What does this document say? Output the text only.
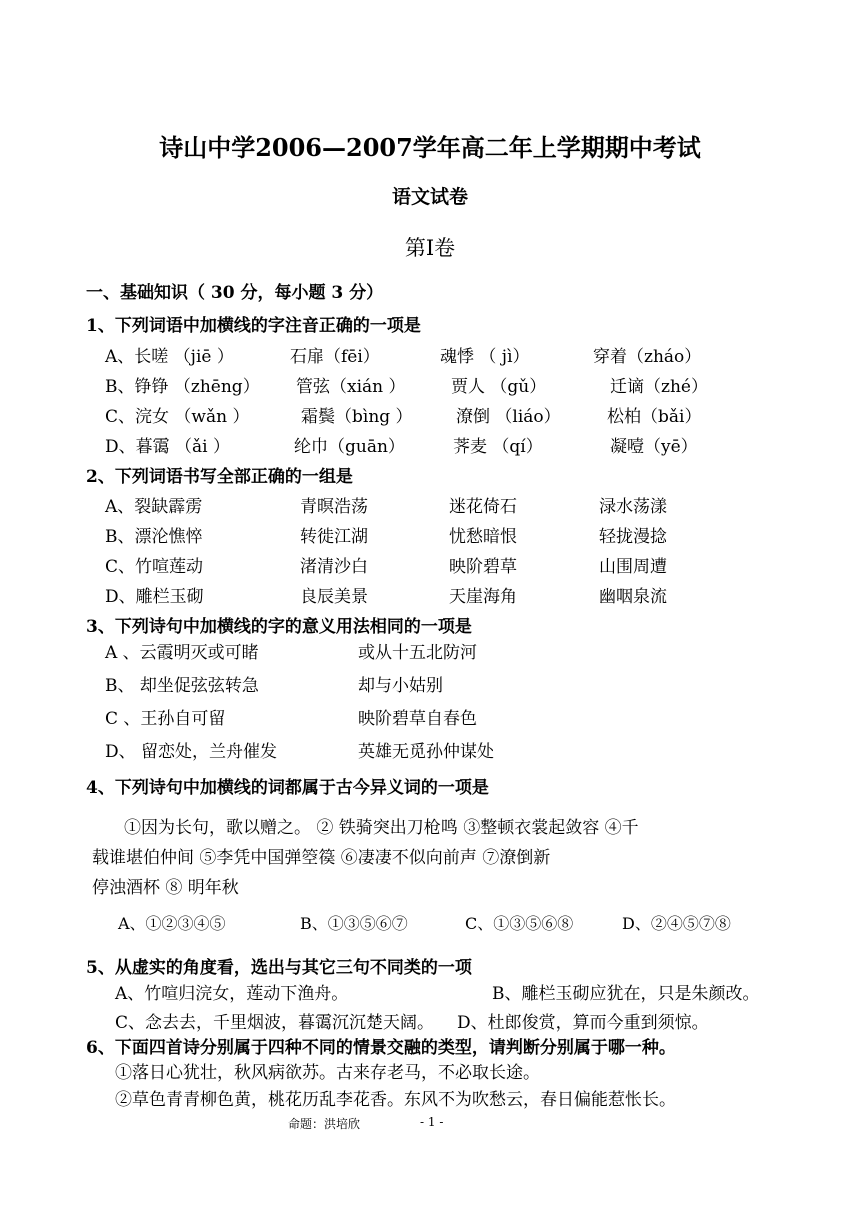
诗山中学2006—2007学年高二年上学期期中考试
语文试卷
第Ⅰ卷
一、基础知识（ 30 分，每小题 3 分）
1、下列词语中加横线的字注音正确的一项是
A、长嗟 （jiē ）	石扉（fēi）	魂悸 （ jì）	穿着（zháo）
B、铮铮 （zhēng） 管弦（xián ）	贾人 （gǔ）	迁谪（zhé）
C、浣女 （wǎn ）	霜鬓（bìng ）	潦倒 （liáo）	松柏（bǎi）
D、暮霭 （ǎi ）	纶巾（guān）	荠麦 （qí）	凝噎（yē）
2、下列词语书写全部正确的一组是
A、裂缺霹雳	青暝浩荡	迷花倚石	渌水荡漾
B、漂沦憔悴	转徙江湖	忧愁暗恨	轻拢漫捻
C、竹喧莲动	渚清沙白	映阶碧草	山围周遭
D、雕栏玉砌	良辰美景	天崖海角	幽咽泉流
3、下列诗句中加横线的字的意义用法相同的一项是
A 、云霞明灭或可睹	或从十五北防河
B、 却坐促弦弦转急	却与小姑别
C 、王孙自可留	映阶碧草自春色
D、 留恋处，兰舟催发	英雄无觅孙仲谋处
4、下列诗句中加横线的词都属于古今异义词的一项是
①因为长句，歌以赠之。 ② 铁骑突出刀枪鸣 ③整顿衣裳起敛容 ④千
载谁堪伯仲间 ⑤李凭中国弹箜篌 ⑥凄凄不似向前声 ⑦潦倒新
停浊酒杯 ⑧ 明年秋
A、①②③④⑤	B、①③⑤⑥⑦	C、①③⑤⑥⑧	D、②④⑤⑦⑧
5、从虚实的角度看，选出与其它三句不同类的一项
A、竹喧归浣女，莲动下渔舟。	B、雕栏玉砌应犹在，只是朱颜改。
C、念去去，千里烟波，暮霭沉沉楚天阔。 D、杜郎俊赏，算而今重到须惊。
6、下面四首诗分别属于四种不同的情景交融的类型，请判断分别属于哪一种。
①落日心犹壮，秋风病欲苏。古来存老马，不必取长途。
②草色青青柳色黄，桃花历乱李花香。东风不为吹愁云，春日偏能惹怅长。
命题：洪培欣	- 1 -
